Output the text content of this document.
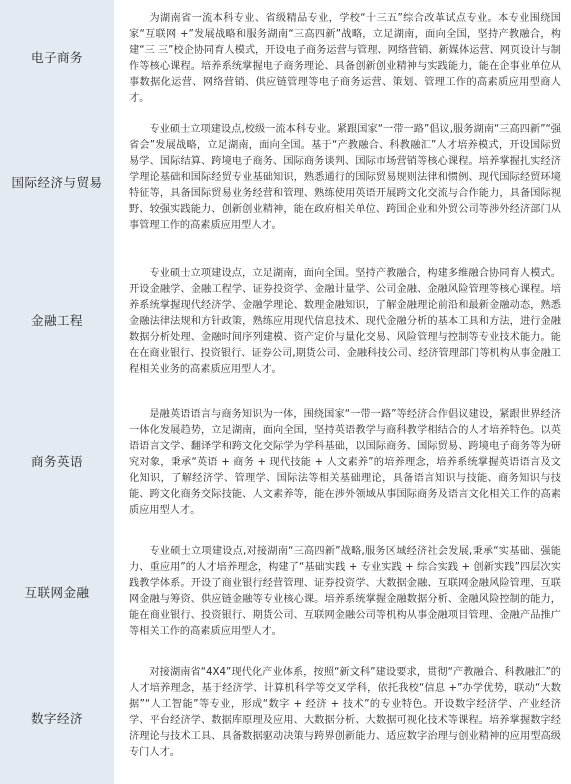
电子商务

为湖南省一流本科专业、省级精品专业，学校“十三五”综合改革试点专业。本专业围绕国家“互联网 +”发展战略和服务湖南“三高四新”战略，立足湖南，面向全国，坚持产教融合，构建“三 三”校企协同育人模式，开设电子商务运营与管理、网络营销、新媒体运营、网页设计与制作等核心课程。培养系统掌握电子商务理论、具备创新创业精神与实践能力，能在企事业单位从事数据化运营、网络营销、供应链管理等电子商务运营、策划、管理工作的高素质应用型商人才。

国际经济与贸易

专业硕士立项建设点,校级一流本科专业。紧跟国家“一带一路”倡议,服务湖南“三高四新”“强省会”发展战略，立足湖南，面向全国。基于“产教融合、科教融汇”人才培养模式，开设国际贸易学、国际结算、跨境电子商务、国际商务谈判、国际市场营销等核心课程。培养掌握扎实经济学理论基础和国际经贸专业基础知识，熟悉通行的国际贸易规则法律和惯例、现代国际经贸环境特征等，具备国际贸易业务经营和管理、熟练使用英语开展跨文化交流与合作能力，具备国际视野、较强实践能力、创新创业精神，能在政府相关单位、跨国企业和外贸公司等涉外经济部门从事管理工作的高素质应用型人才。

金融工程

专业硕士立项建设点，立足湖南，面向全国。坚持产教融合，构建多维融合协同育人模式。开设金融学、金融工程学、证券投资学、金融计量学、公司金融、金融风险管理等核心课程。培养系统掌握现代经济学、金融学理论、数理金融知识，了解金融理论前沿和最新金融动态，熟悉金融法律法规和方针政策，熟练应用现代信息技术、现代金融分析的基本工具和方法，进行金融数据分析处理、金融时间序列建模、资产定价与量化交易、风险管理与控制等专业技术能力。能在在商业银行、投资银行、证券公司,期货公司、金融科技公司、经济管理部门等机构从事金融工程相关业务的高素质应用型人才。

商务英语

是融英语语言与商务知识为一体，围绕国家“一带一路”等经济合作倡议建设，紧跟世界经济一体化发展趋势，立足湖南，面向全国，坚持英语教学与商科教学相结合的人才培养特色。以英语语言文学、翻译学和跨文化交际学为学科基础，以国际商务、国际贸易、跨境电子商务等为研究对象，秉承“英语 + 商务 + 现代技能 + 人文素养”的培养理念，培养系统掌握英语语言及文化知识，了解经济学、管理学、国际法等相关基础理论，具备语言知识与技能、商务知识与技能、跨文化商务交际技能、人文素养等，能在涉外领域从事国际商务及语言文化相关工作的高素质应用型人才。

互联网金融

专业硕士立项建设点,对接湖南“三高四新”战略,服务区域经济社会发展,秉承“实基础、强能力、重应用”的人才培养理念，构建了“基础实践 + 专业实践 + 综合实践 + 创新实践”四层次实践教学体系。开设了商业银行经营管理、证券投资学、大数据金融、互联网金融风险管理、互联网金融与筹资、供应链金融等专业核心课。培养系统掌握金融数据分析、金融风险控制的能力，能在商业银行、投资银行、期货公司、互联网金融公司等机构从事金融项目管理、金融产品推广等相关工作的高素质应用型人才。

数字经济

对接湖南省“4X4”现代化产业体系，按照“新文科”建设要求，贯彻“产教融合、科教融汇”的人才培养理念，基于经济学、计算机科学等交叉学科，依托我校“信息 +”办学优势，联动“大数据”“人工智能”等专业，形成“数字 + 经济 + 技术”的专业特色。开设数字经济学、产业经济学、平台经济学、数据库原理及应用、大数据分析、大数据可视化技术等课程。培养掌握数字经济理论与技术工具、具备数据驱动决策与跨界创新能力、适应数字治理与创业精神的应用型高级专门人才。
